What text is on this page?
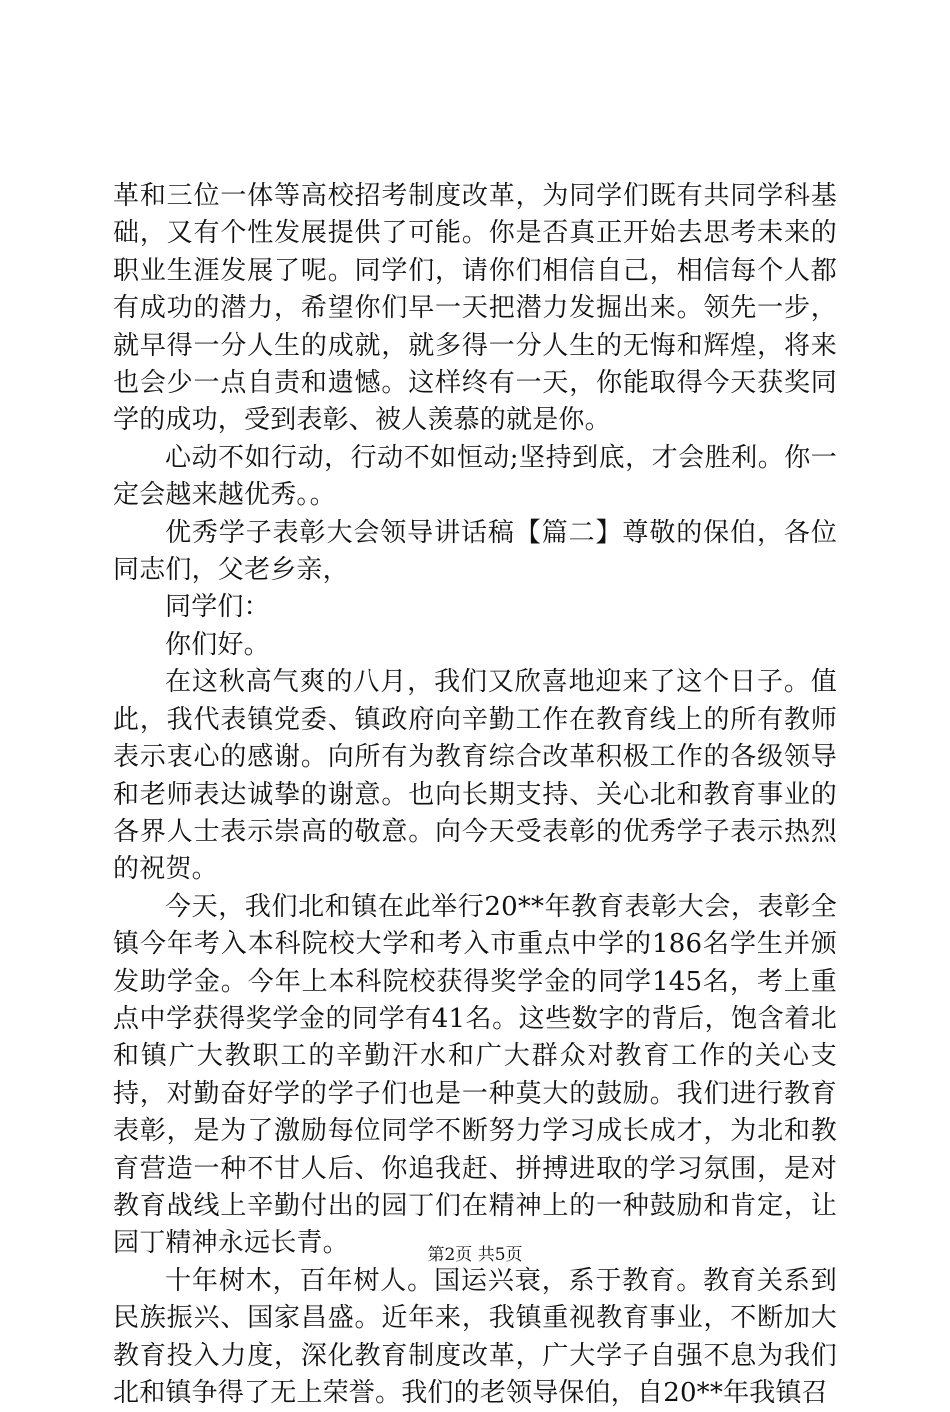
革和三位一体等高校招考制度改革，为同学们既有共同学科基础，又有个性发展提供了可能。你是否真正开始去思考未来的职业生涯发展了呢。同学们，请你们相信自己，相信每个人都有成功的潜力，希望你们早一天把潜力发掘出来。领先一步，就早得一分人生的成就，就多得一分人生的无悔和辉煌，将来也会少一点自责和遗憾。这样终有一天，你能取得今天获奖同学的成功，受到表彰、被人羡慕的就是你。

心动不如行动，行动不如恒动;坚持到底，才会胜利。你一定会越来越优秀。。

优秀学子表彰大会领导讲话稿【篇二】尊敬的保伯，各位同志们，父老乡亲，

同学们：

你们好。

在这秋高气爽的八月，我们又欣喜地迎来了这个日子。值此，我代表镇党委、镇政府向辛勤工作在教育线上的所有教师表示衷心的感谢。向所有为教育综合改革积极工作的各级领导和老师表达诚挚的谢意。也向长期支持、关心北和教育事业的各界人士表示崇高的敬意。向今天受表彰的优秀学子表示热烈的祝贺。

今天，我们北和镇在此举行20**年教育表彰大会，表彰全镇今年考入本科院校大学和考入市重点中学的186名学生并颁发助学金。今年上本科院校获得奖学金的同学145名，考上重点中学获得奖学金的同学有41名。这些数字的背后，饱含着北和镇广大教职工的辛勤汗水和广大群众对教育工作的关心支持，对勤奋好学的学子们也是一种莫大的鼓励。我们进行教育表彰，是为了激励每位同学不断努力学习成长成才，为北和教育营造一种不甘人后、你追我赶、拼搏进取的学习氛围，是对教育战线上辛勤付出的园丁们在精神上的一种鼓励和肯定，让园丁精神永远长青。

十年树木，百年树人。国运兴衰，系于教育。教育关系到民族振兴、国家昌盛。近年来，我镇重视教育事业，不断加大教育投入力度，深化教育制度改革，广大学子自强不息为我们北和镇争得了无上荣誉。我们的老领导保伯，自20**年我镇召

第2页 共5页
